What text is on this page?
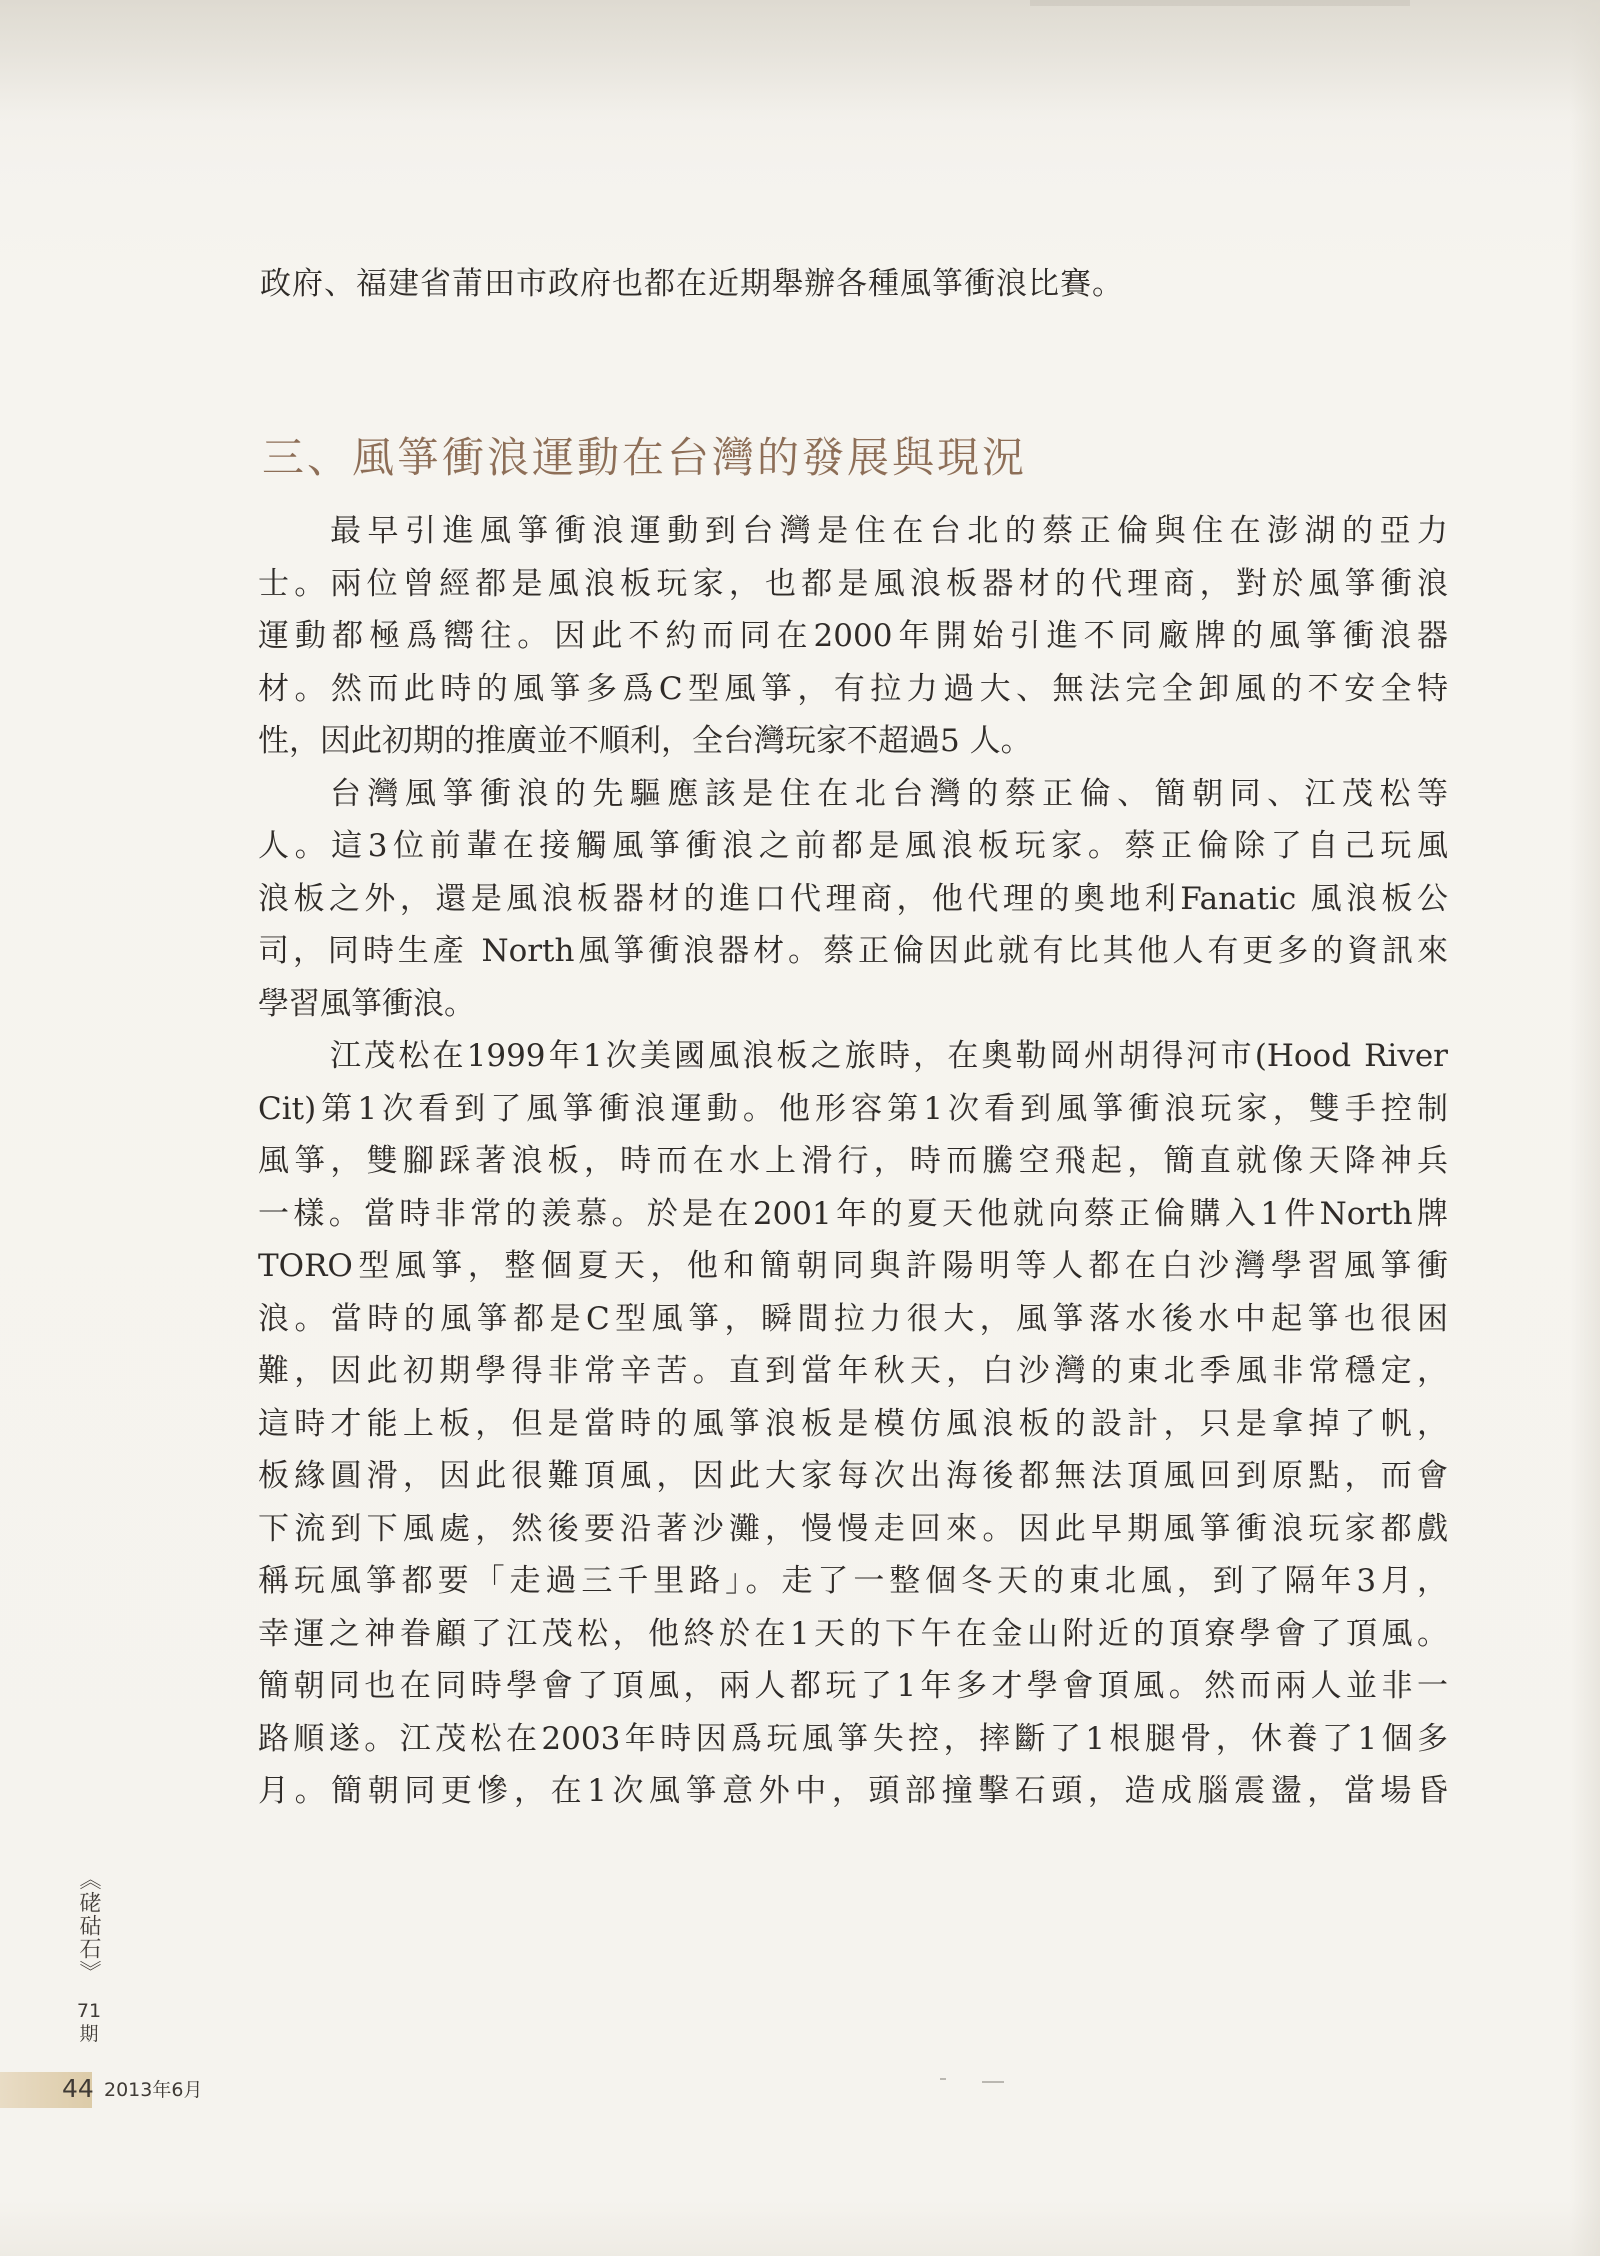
政府、福建省莆田市政府也都在近期舉辦各種風箏衝浪比賽。

三、風箏衝浪運動在台灣的發展與現況
最早引進風箏衝浪運動到台灣是住在台北的蔡正倫與住在澎湖的亞力
士。兩位曾經都是風浪板玩家，也都是風浪板器材的代理商，對於風箏衝浪
運動都極爲嚮往。因此不約而同在2000年開始引進不同廠牌的風箏衝浪器
材。然而此時的風箏多爲C型風箏，有拉力過大、無法完全卸風的不安全特
性，因此初期的推廣並不順利，全台灣玩家不超過5 人。
台灣風箏衝浪的先驅應該是住在北台灣的蔡正倫、簡朝同、江茂松等
人。這3位前輩在接觸風箏衝浪之前都是風浪板玩家。蔡正倫除了自己玩風
浪板之外，還是風浪板器材的進口代理商，他代理的奧地利Fanatic 風浪板公
司，同時生產 North風箏衝浪器材。蔡正倫因此就有比其他人有更多的資訊來
學習風箏衝浪。
江茂松在1999年1次美國風浪板之旅時，在奧勒岡州胡得河市(Hood River
Cit)第1次看到了風箏衝浪運動。他形容第1次看到風箏衝浪玩家，雙手控制
風箏，雙腳踩著浪板，時而在水上滑行，時而騰空飛起，簡直就像天降神兵
一樣。當時非常的羨慕。於是在2001年的夏天他就向蔡正倫購入1件North牌
TORO型風箏，整個夏天，他和簡朝同與許陽明等人都在白沙灣學習風箏衝
浪。當時的風箏都是C型風箏，瞬間拉力很大，風箏落水後水中起箏也很困
難，因此初期學得非常辛苦。直到當年秋天，白沙灣的東北季風非常穩定，
這時才能上板，但是當時的風箏浪板是模仿風浪板的設計，只是拿掉了帆，
板緣圓滑，因此很難頂風，因此大家每次出海後都無法頂風回到原點，而會
下流到下風處，然後要沿著沙灘，慢慢走回來。因此早期風箏衝浪玩家都戲
稱玩風箏都要「走過三千里路」。走了一整個冬天的東北風，到了隔年3月，
幸運之神眷顧了江茂松，他終於在1天的下午在金山附近的頂寮學會了頂風。
簡朝同也在同時學會了頂風，兩人都玩了1年多才學會頂風。然而兩人並非一
路順遂。江茂松在2003年時因爲玩風箏失控，摔斷了1根腿骨，休養了1個多
月。簡朝同更慘，在1次風箏意外中，頭部撞擊石頭，造成腦震盪，當場昏

《硓𥑮石》

71期

44 2013年6月
